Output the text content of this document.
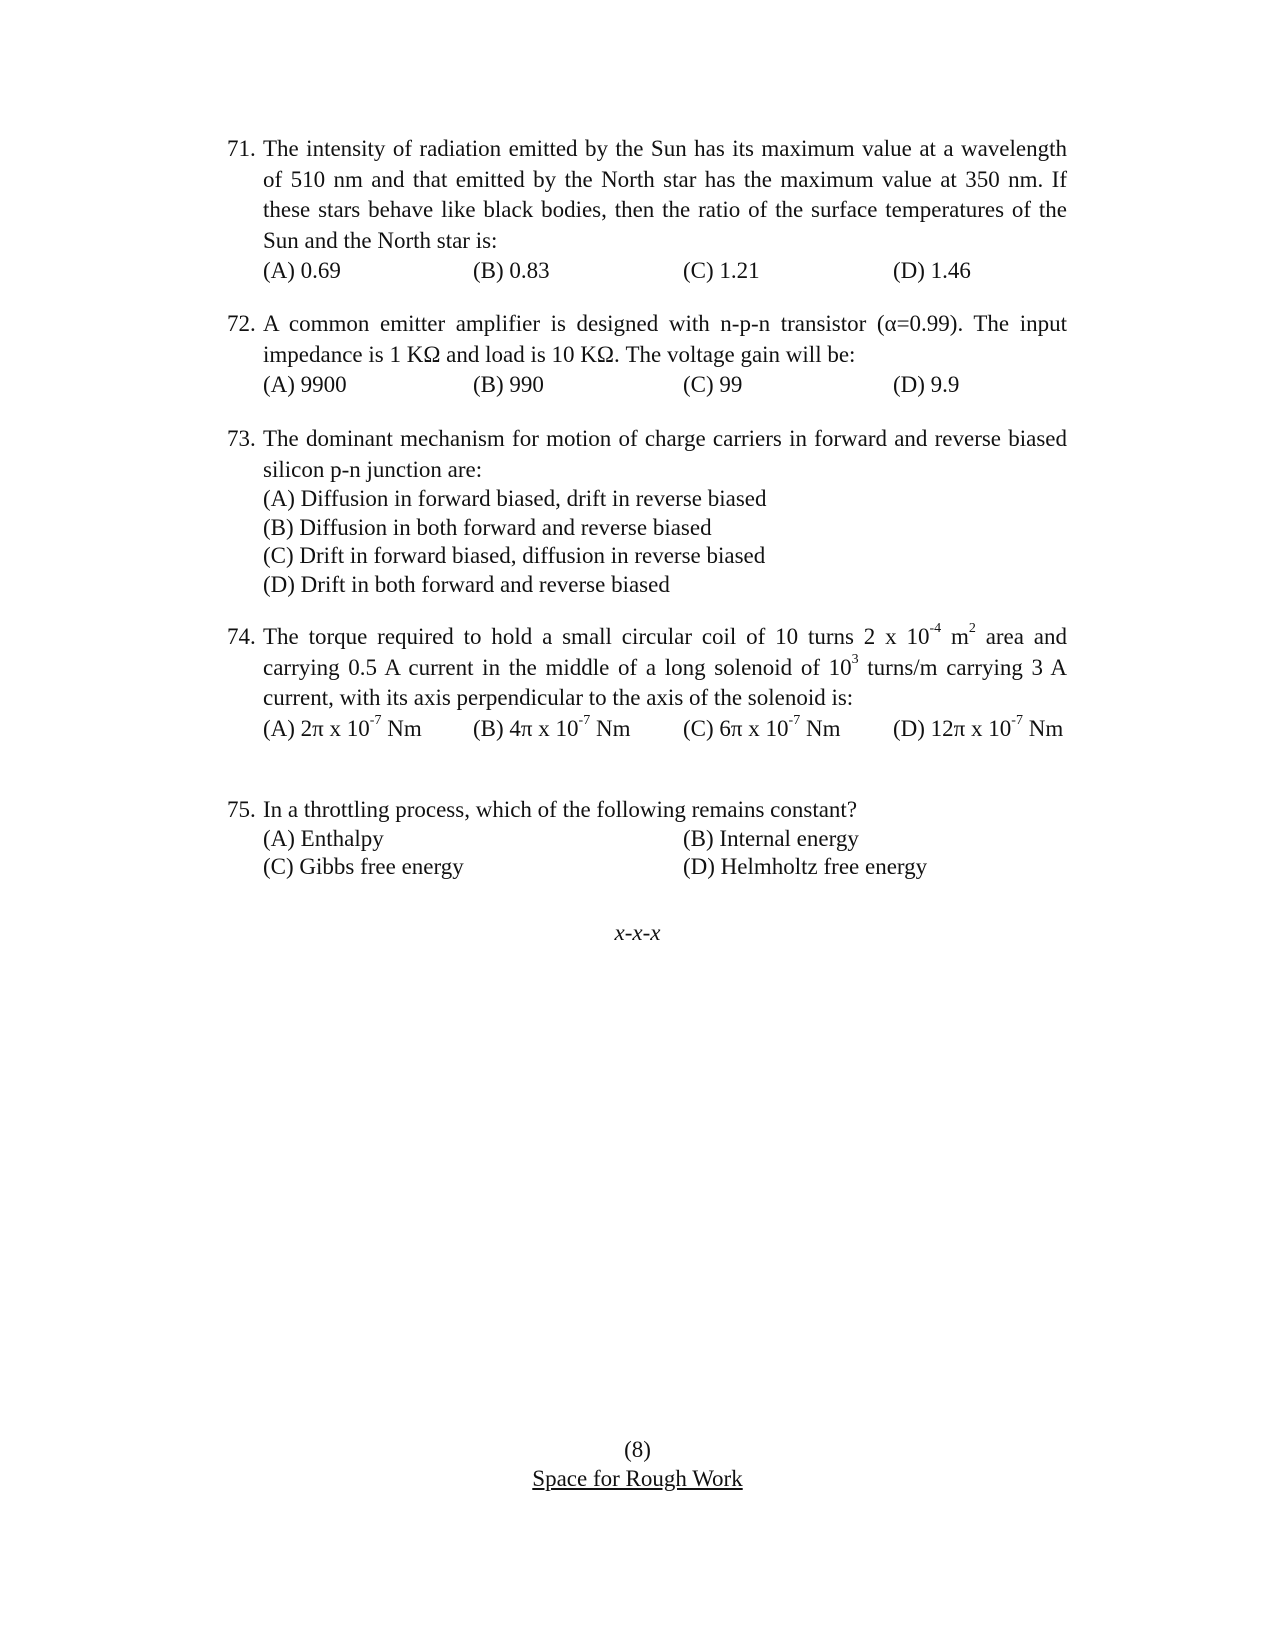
71. The intensity of radiation emitted by the Sun has its maximum value at a wavelength of 510 nm and that emitted by the North star has the maximum value at 350 nm. If these stars behave like black bodies, then the ratio of the surface temperatures of the Sun and the North star is:
(A) 0.69	(B) 0.83	(C) 1.21	(D) 1.46
72. A common emitter amplifier is designed with n-p-n transistor (α=0.99). The input impedance is 1 KΩ and load is 10 KΩ. The voltage gain will be:
(A) 9900	(B) 990	(C) 99	(D) 9.9
73. The dominant mechanism for motion of charge carriers in forward and reverse biased silicon p-n junction are:
(A) Diffusion in forward biased, drift in reverse biased
(B) Diffusion in both forward and reverse biased
(C) Drift in forward biased, diffusion in reverse biased
(D) Drift in both forward and reverse biased
74. The torque required to hold a small circular coil of 10 turns 2 x $10^{-4}$ $m^2$ area and carrying 0.5 A current in the middle of a long solenoid of $10^3$ turns/m carrying 3 A current, with its axis perpendicular to the axis of the solenoid is:
(A) 2π x $10^{-7}$ Nm	(B) 4π x $10^{-7}$ Nm	(C) 6π x $10^{-7}$ Nm	(D) 12π x $10^{-7}$ Nm
75. In a throttling process, which of the following remains constant?
(A) Enthalpy	(B) Internal energy
(C) Gibbs free energy	(D) Helmholtz free energy
x-x-x
(8)
Space for Rough Work
